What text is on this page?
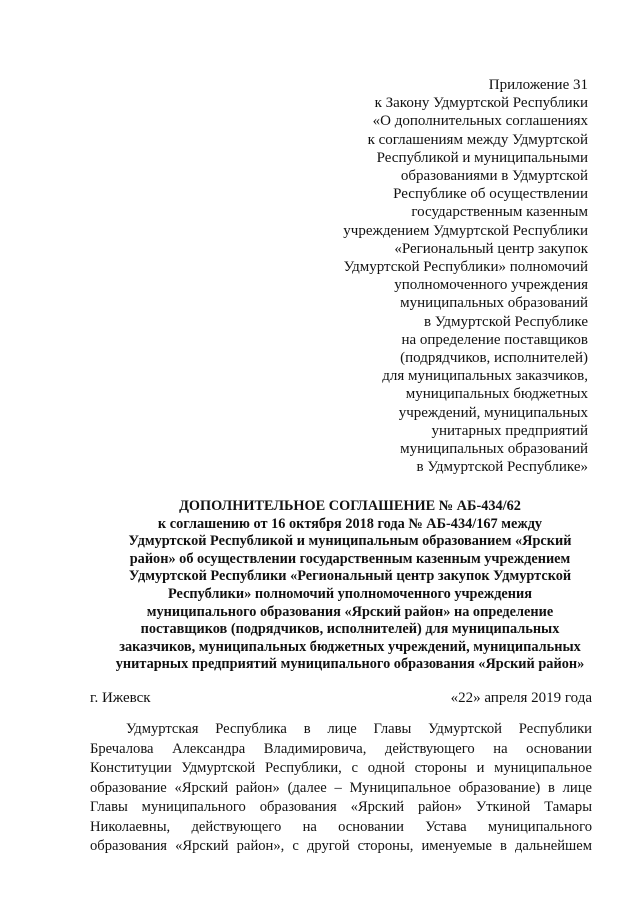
Приложение 31
к Закону Удмуртской Республики
«О дополнительных соглашениях
к соглашениям между Удмуртской
Республикой и муниципальными
образованиями в Удмуртской
Республике об осуществлении
государственным казенным
учреждением Удмуртской Республики
«Региональный центр закупок
Удмуртской Республики» полномочий
уполномоченного учреждения
муниципальных образований
в Удмуртской Республике
на определение поставщиков
(подрядчиков, исполнителей)
для муниципальных заказчиков,
муниципальных бюджетных
учреждений, муниципальных
унитарных предприятий
муниципальных образований
в Удмуртской Республике»
ДОПОЛНИТЕЛЬНОЕ СОГЛАШЕНИЕ № АБ-434/62
к соглашению от 16 октября 2018 года № АБ-434/167 между
Удмуртской Республикой и муниципальным образованием «Ярский
район» об осуществлении государственным казенным учреждением
Удмуртской Республики «Региональный центр закупок Удмуртской
Республики» полномочий уполномоченного учреждения
муниципального образования «Ярский район» на определение
поставщиков (подрядчиков, исполнителей) для муниципальных
заказчиков, муниципальных бюджетных учреждений, муниципальных
унитарных предприятий муниципального образования «Ярский район»
г. Ижевск	«22» апреля 2019 года
Удмуртская Республика в лице Главы Удмуртской Республики
Бречалова Александра Владимировича, действующего на основании
Конституции Удмуртской Республики, с одной стороны и муниципальное
образование «Ярский район» (далее – Муниципальное образование) в лице
Главы муниципального образования «Ярский район» Уткиной Тамары
Николаевны, действующего на основании Устава муниципального
образования «Ярский район», с другой стороны, именуемые в дальнейшем
